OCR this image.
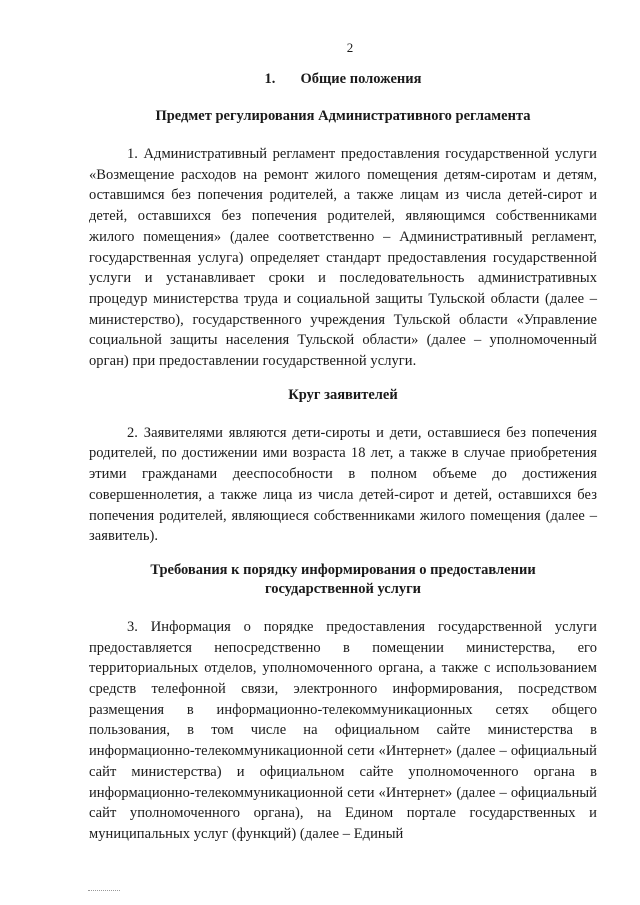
2

1. Общие положения

Предмет регулирования Административного регламента

1. Административный регламент предоставления государственной услуги «Возмещение расходов на ремонт жилого помещения детям-сиротам и детям, оставшимся без попечения родителей, а также лицам из числа детей-сирот и детей, оставшихся без попечения родителей, являющимся собственниками жилого помещения» (далее соответственно – Административный регламент, государственная услуга) определяет стандарт предоставления государственной услуги и устанавливает сроки и последовательность административных процедур министерства труда и социальной защиты Тульской области (далее – министерство), государственного учреждения Тульской области «Управление социальной защиты населения Тульской области» (далее – уполномоченный орган) при предоставлении государственной услуги.

Круг заявителей

2. Заявителями являются дети-сироты и дети, оставшиеся без попечения родителей, по достижении ими возраста 18 лет, а также в случае приобретения этими гражданами дееспособности в полном объеме до достижения совершеннолетия, а также лица из числа детей-сирот и детей, оставшихся без попечения родителей, являющиеся собственниками жилого помещения (далее – заявитель).

Требования к порядку информирования о предоставлении государственной услуги

3. Информация о порядке предоставления государственной услуги предоставляется непосредственно в помещении министерства, его территориальных отделов, уполномоченного органа, а также с использованием средств телефонной связи, электронного информирования, посредством размещения в информационно-телекоммуникационных сетях общего пользования, в том числе на официальном сайте министерства в информационно-телекоммуникационной сети «Интернет» (далее – официальный сайт министерства) и официальном сайте уполномоченного органа в информационно-телекоммуникационной сети «Интернет» (далее – официальный сайт уполномоченного органа), на Едином портале государственных и муниципальных услуг (функций) (далее – Единый
